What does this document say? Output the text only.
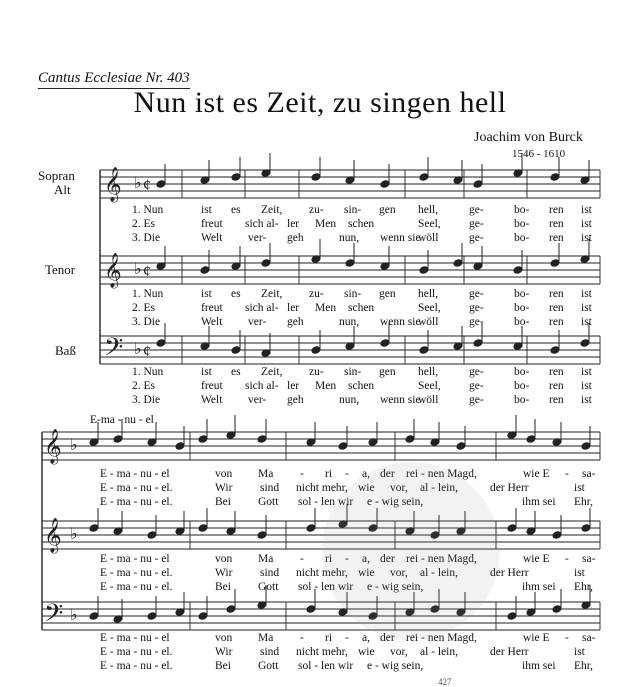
Cantus Ecclesiae Nr. 403
Nun ist es Zeit, zu singen hell
Joachim von Burck
1546 - 1610
Sopran
Alt
Tenor
Baß
𝄞 ♭ ¢
𝄞 ♭ ¢
𝄢 ♭ ¢
𝄞 ♭
𝄞 ♭
𝄢 ♭
1. Nun	ist es Zeit, zu- sin- gen hell,	ge-	bo- ren ist
2. Es	freut sich al- ler Men schen	Seel, ge-	bo- ren ist
3. Die	Welt ver- geh	nun, wenn sie
wöll	ge-	bo- ren ist
1. Nun	ist es Zeit, zu- sin- gen hell,	ge-	bo- ren ist
2. Es	freut sich al- ler Men schen	Seel, ge-	bo- ren ist
3. Die	Welt ver- geh	nun, wenn sie
wöll	ge-	bo- ren ist
1. Nun	ist es Zeit, zu- sin- gen hell,	ge-	bo- ren ist
2. Es	freut sich al- ler Men schen	Seel, ge-	bo- ren ist
3. Die	Welt ver- geh	nun, wenn sie
wöll	ge-	bo- ren ist
E-ma - nu - el
E - ma - nu - el	von Ma - ri - a, der rei - nen Magd,	wie E - sa-
E - ma - nu - el.	Wir sind nicht mehr, wie vor, al - lein,	der Herr	ist
E - ma - nu - el.	Bei Gott sol - len wir e - wig sein,	ihm sei Ehr,
E - ma - nu - el	von Ma - ri - a, der rei - nen Magd,	wie E - sa-
E - ma - nu - el.	Wir sind nicht mehr, wie vor, al - lein,	der Herr	ist
E - ma - nu - el.	Bei Gott sol - len wir e - wig sein,	ihm sei Ehr,
E - ma - nu - el	von Ma - ri - a, der rei - nen Magd,	wie E - sa-
E - ma - nu - el.	Wir sind nicht mehr, wie vor, al - lein,	der Herr	ist
E - ma - nu - el.	Bei Gott sol - len wir e - wig sein,	ihm sei Ehr,
427
